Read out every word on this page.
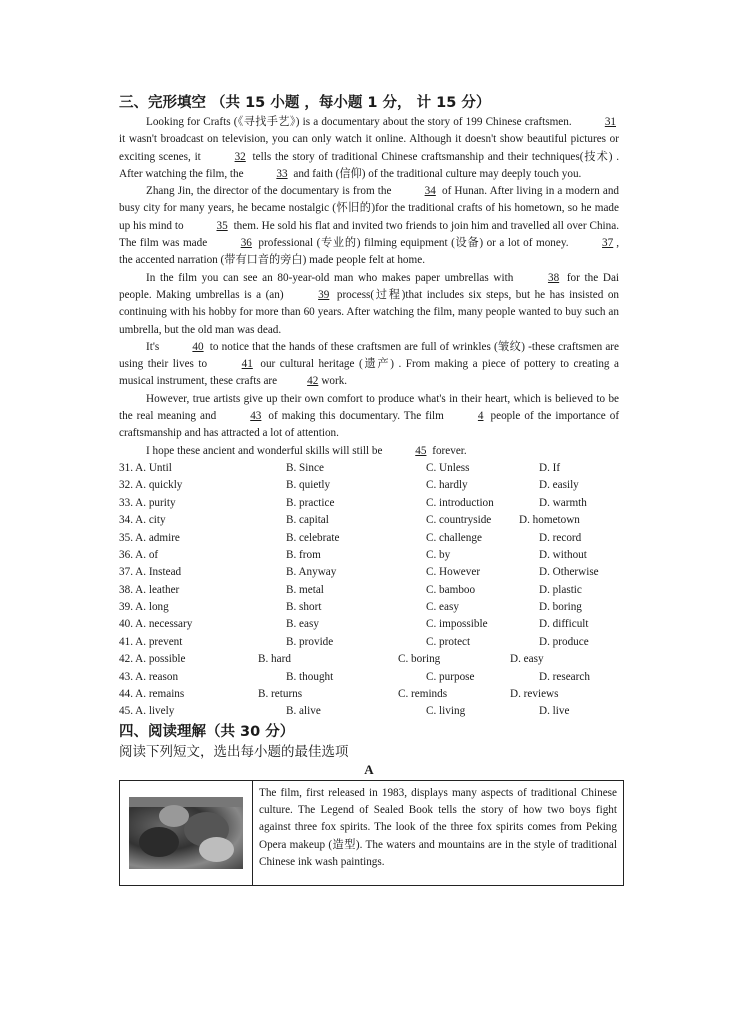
三、完形填空 （共 15 小题 ，每小题 1 分， 计 15 分）

Looking for Crafts (《寻找手艺》) is a documentary about the story of 199 Chinese craftsmen.	31 it wasn't broadcast on television, you can only watch it online. Although it doesn't show beautiful pictures or exciting scenes, it	32 tells the story of traditional Chinese craftsmanship and their techniques(技术) . After watching the film, the	33 and faith (信仰) of the traditional culture may deeply touch you.

Zhang Jin, the director of the documentary is from the	34 of Hunan. After living in a modern and busy city for many years, he became nostalgic (怀旧的)for the traditional crafts of his hometown, so he made up his mind to	35 them. He sold his flat and invited two friends to join him and travelled all over China. The film was made	36 professional (专业的) filming equipment (设备) or a lot of money.	37 , the accented narration (带有口音的旁白) made people felt at home.

In the film you can see an 80-year-old man who makes paper umbrellas with	38 for the Dai people. Making umbrellas is a (an)	39 process(过程)that includes six steps, but he has insisted on continuing with his hobby for more than 60 years. After watching the film, many people wanted to buy such an umbrella, but the old man was dead.

It's	40 to notice that the hands of these craftsmen are full of wrinkles (皱纹) -these craftsmen are using their lives to	41 our cultural heritage (遗产) . From making a piece of pottery to creating a musical instrument, these crafts are	42 work.

However, true artists give up their own comfort to produce what's in their heart, which is believed to be the real meaning and	43 of making this documentary. The film	4 people of the importance of craftsmanship and has attracted a lot of attention.

I hope these ancient and wonderful skills will still be	45 forever.

31. A. Until	B. Since	C. Unless	D. If
32. A. quickly	B. quietly	C. hardly	D. easily
33. A. purity	B. practice	C. introduction	D. warmth
34. A. city	B. capital	C. countryside D. hometown
35. A. admire	B. celebrate	C. challenge	D. record
36. A. of	B. from	C. by	D. without
37. A. Instead	B. Anyway	C. However	D. Otherwise
38. A. leather	B. metal	C. bamboo	D. plastic
39. A. long	B. short	C. easy	D. boring
40. A. necessary	B. easy	C. impossible	D. difficult
41. A. prevent	B. provide	C. protect	D. produce
42. A. possible	B. hard	C. boring	D. easy
43. A. reason	B. thought	C. purpose	D. research
44. A. remains	B. returns	C. reminds	D. reviews
45. A. lively	B. alive	C. living	D. live
四、阅读理解（共 30 分）

阅读下列短文，选出每小题的最佳选项

A

The film, first released in 1983, displays many aspects of traditional Chinese culture. The Legend of Sealed Book tells the story of how two boys fight against three fox spirits. The look of the three fox spirits comes from Peking Opera makeup (造型). The waters and mountains are in the style of traditional Chinese ink wash paintings.
